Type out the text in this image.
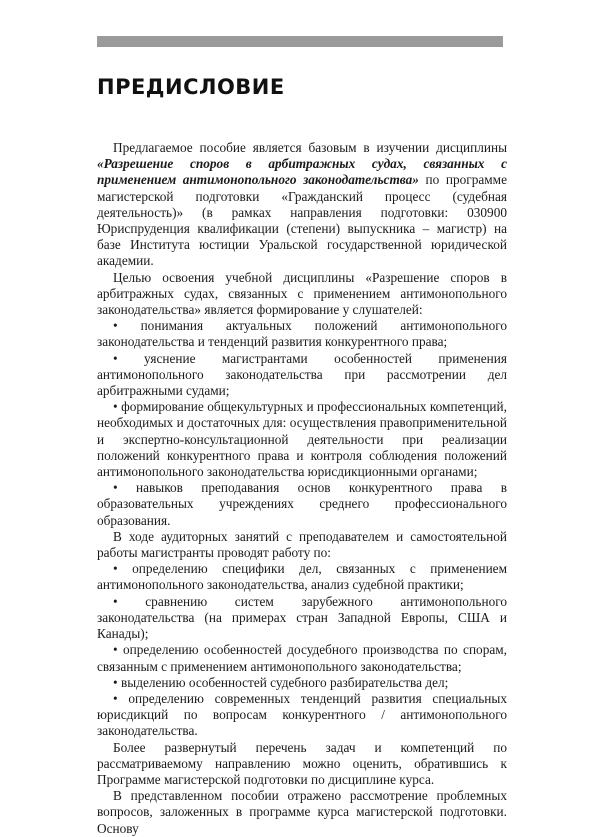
ПРЕДИСЛОВИЕ

Предлагаемое пособие является базовым в изучении дисциплины «Разрешение споров в арбитражных судах, связанных с применением антимонопольного законодательства» по программе магистерской подготовки «Гражданский процесс (судебная деятельность)» (в рамках направления подготовки: 030900 Юриспруденция квалификации (степени) выпускника – магистр) на базе Института юстиции Уральской государственной юридической академии.

Целью освоения учебной дисциплины «Разрешение споров в арбитражных судах, связанных с применением антимонопольного законодательства» является формирование у слушателей:

• понимания актуальных положений антимонопольного законодательства и тенденций развития конкурентного права;

• уяснение магистрантами особенностей применения антимонопольного законодательства при рассмотрении дел арбитражными судами;

• формирование общекультурных и профессиональных компетенций, необходимых и достаточных для: осуществления правоприменительной и экспертно-консультационной деятельности при реализации положений конкурентного права и контроля соблюдения положений антимонопольного законодательства юрисдикционными органами;

• навыков преподавания основ конкурентного права в образовательных учреждениях среднего профессионального образования.

В ходе аудиторных занятий с преподавателем и самостоятельной работы магистранты проводят работу по:

• определению специфики дел, связанных с применением антимонопольного законодательства, анализ судебной практики;

• сравнению систем зарубежного антимонопольного законодательства (на примерах стран Западной Европы, США и Канады);

• определению особенностей досудебного производства по спорам, связанным с применением антимонопольного законодательства;

• выделению особенностей судебного разбирательства дел;

• определению современных тенденций развития специальных юрисдикций по вопросам конкурентного / антимонопольного законодательства.

Более развернутый перечень задач и компетенций по рассматриваемому направлению можно оценить, обратившись к Программе магистерской подготовки по дисциплине курса.

В представленном пособии отражено рассмотрение проблемных вопросов, заложенных в программе курса магистерской подготовки. Основу
